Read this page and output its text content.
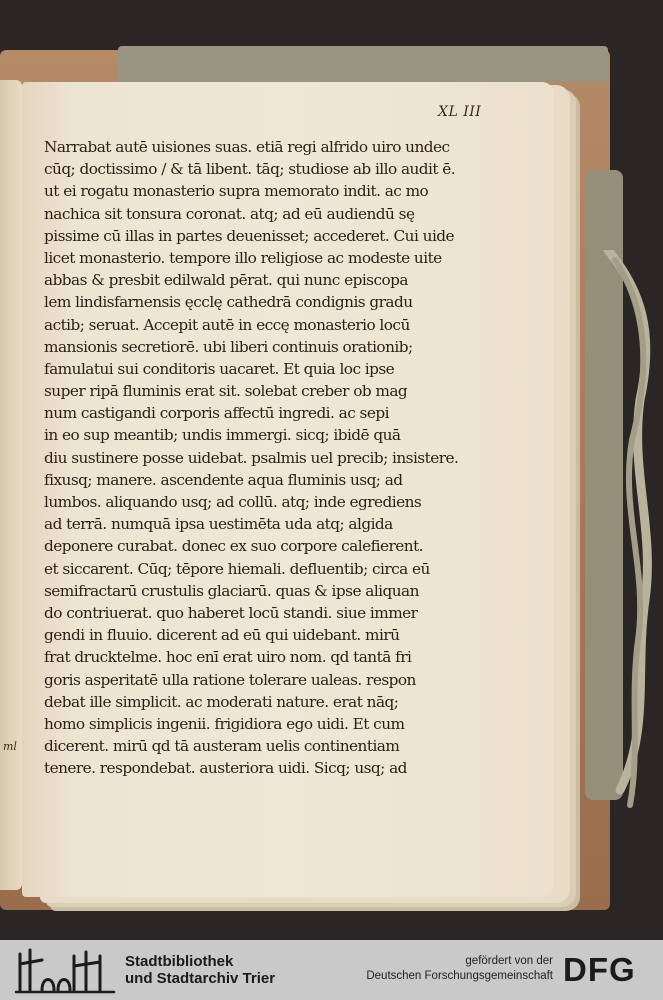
XL III
ml
Narrabat autē uisiones suas. etiā regi alfrido uiro undec
cūq; doctissimo / & tā libent. tāq; studiose ab illo audit ē.
ut ei rogatu monasterio supra memorato indit. ac mo
nachica sit tonsura coronat. atq; ad eū audiendū sę
pissime cū illas in partes deuenisset; accederet. Cui uide
licet monasterio. tempore illo religiose ac modeste uite
abbas & presbit edilwald pērat. qui nunc episcopa
lem lindisfarnensis ęcclę cathedrā condignis gradu
actib; seruat. Accepit autē in eccę monasterio locū
mansionis secretiorē. ubi liberi continuis orationib;
famulatui sui conditoris uacaret. Et quia loc ipse
super ripā fluminis erat sit. solebat creber ob mag
num castigandi corporis affectū ingredi. ac sepi
in eo sup meantib; undis immergi. sicq; ibidē quā
diu sustinere posse uidebat. psalmis uel precib; insistere.
fixusq; manere. ascendente aqua fluminis usq; ad
lumbos. aliquando usq; ad collū. atq; inde egrediens
ad terrā. numquā ipsa uestimēta uda atq; algida
deponere curabat. donec ex suo corpore calefierent.
et siccarent. Cūq; tēpore hiemali. defluentib; circa eū
semifractarū crustulis glaciarū. quas & ipse aliquan
do contriuerat. quo haberet locū standi. siue immer
gendi in fluuio. dicerent ad eū qui uidebant. mirū
frat drucktelme. hoc enī erat uiro nom. qd tantā fri
goris asperitatē ulla ratione tolerare ualeas. respon
debat ille simplicit. ac moderati nature. erat nāq;
homo simplicis ingenii. frigidiora ego uidi. Et cum
dicerent. mirū qd tā austeram uelis continentiam
tenere. respondebat. austeriora uidi. Sicq; usq; ad
Stadtbibliothek
und Stadtarchiv Trier
gefördert von der
Deutschen Forschungsgemeinschaft DFG
